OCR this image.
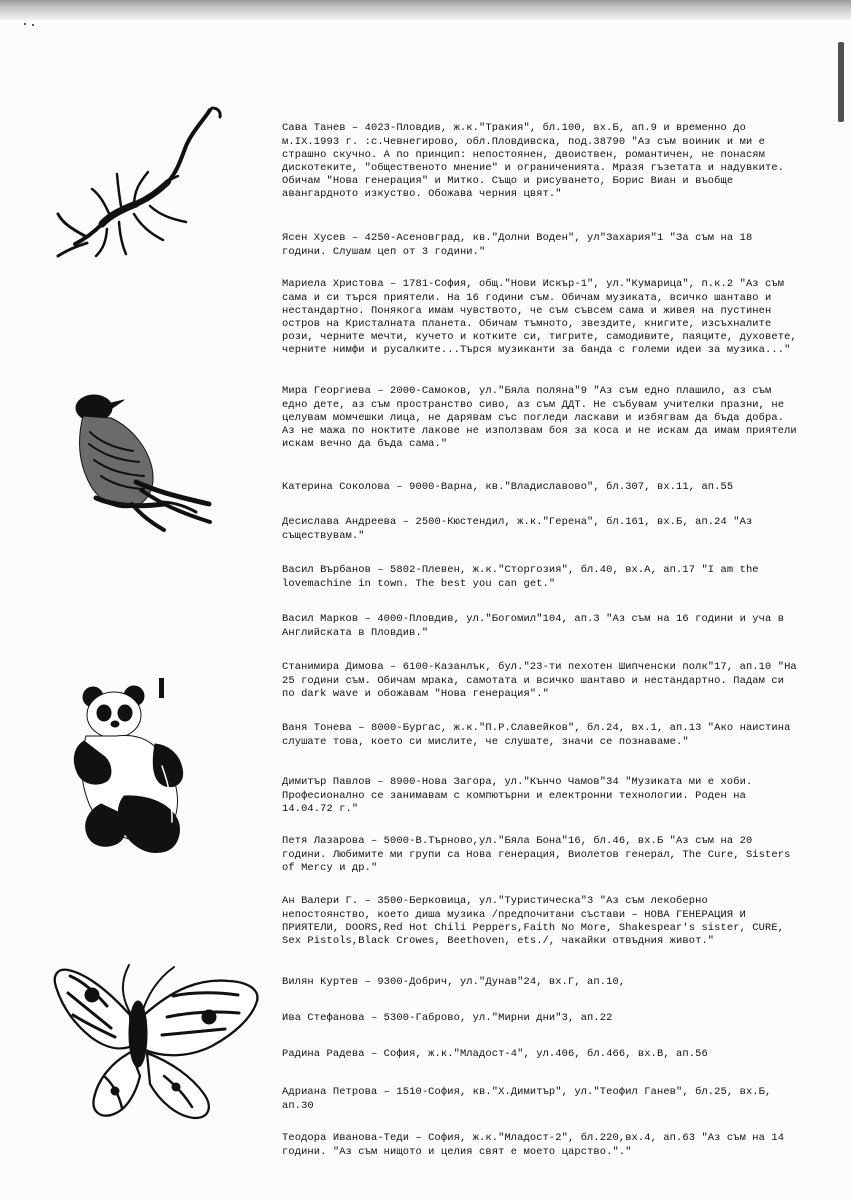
Сава Танев – 4023-Пловдив, ж.к."Тракия", бл.100, вх.Б, ап.9 и временно до м.IX.1993 г. :с.Чевнегирово, обл.Пловдивска, под.38790 "Аз съм воиник и ми е страшно скучно. А по принцип: непостоянен, двоиствен, романтичен, не понасям дискотеките, "общественото мнение" и ограниченията. Мразя гъзетата и надувките. Обичам "Нова генерация" и Митко. Също и рисуването, Борис Виан и въобще авангардното изкуство. Обожава черния цвят."

Ясен Хусев – 4250-Асеновград, кв."Долни Воден", ул"Захария"1 "За съм на 18 години. Слушам цеп от 3 години."

Мариела Христова – 1781-София, общ."Нови Искър-1", ул."Кумарица", п.к.2 "Аз съм сама и си търся приятели. На 16 години съм. Обичам музиката, всичко шантаво и нестандартно. Понякога имам чувството, че съм съвсем сама и живея на пустинен остров на Кристалната планета. Обичам тъмното, звездите, книгите, изсъхналите рози, черните мечти, кучето и котките си, тигрите, самодивите, паяците, духовете, черните нимфи и русалките...Търся музиканти за банда с големи идеи за музика..."

Мира Георгиева – 2000-Самоков, ул."Бяла поляна"9 "Аз съм едно плашило, аз съм едно дете, аз съм пространство сиво, аз съм ДДТ. Не събувам учителки празни, не целувам момчешки лица, не дарявам със погледи ласкави и избягвам да бъда добра. Аз не мажа по ноктите лакове не използвам боя за коса и не искам да имам приятели искам вечно да бъда сама."

Катерина Соколова – 9000-Варна, кв."Владиславово", бл.307, вх.11, ап.55

Десислава Андреева – 2500-Кюстендил, ж.к."Герена", бл.161, вх.Б, ап.24 "Аз съществувам."

Васил Върбанов – 5802-Плевен, ж.к."Сторгозия", бл.40, вх.А, ап.17 "I am the lovemachine in town. The best you can get."

Васил Марков – 4000-Пловдив, ул."Богомил"104, ап.3 "Аз съм на 16 години и уча в Английската в Пловдив."

Станимира Димова – 6100-Казанлък, бул."23-ти пехотен Шипченски полк"17, ап.10 "На 25 години съм. Обичам мрака, самотата и всичко шантаво и нестандартно. Падам си по dark wave и обожавам "Нова генерация"."

Ваня Тонева – 8000-Бургас, ж.к."П.Р.Славейков", бл.24, вх.1, ап.13 "Ако наистина слушате това, което си мислите, че слушате, значи се познаваме."

Димитър Павлов – 8900-Нова Загора, ул."Кънчо Чамов"34 "Музиката ми е хоби. Професионално се занимавам с компютърни и електронни технологии. Роден на 14.04.72 г."

Петя Лазарова – 5000-В.Търново,ул."Бяла Бона"16, бл.46, вх.Б "Аз съм на 20 години. Любимите ми групи са Нова генерация, Виолетов генерал, The Cure, Sisters of Mercy и др."

Ан Валери Г. – 3500-Берковица, ул."Туристическа"3 "Аз съм лекоберно непостоянство, което диша музика /предпочитани състави – НОВА ГЕНЕРАЦИЯ И ПРИЯТЕЛИ, DOORS,Red Hot Chili Peppers,Faith No More, Shakespear's sister, CURE, Sex Pistols,Black Crowes, Beethoven, ets./, чакайки отвъдния живот."

Вилян Куртев – 9300-Добрич, ул."Дунав"24, вх.Г, ап.10,

Ива Стефанова – 5300-Габрово, ул."Мирни дни"3, ап.22

Радина Радева – София, ж.к."Младост-4", ул.406, бл.466, вх.В, ап.56

Адриана Петрова – 1510-София, кв."Х.Димитър", ул."Теофил Ганев", бл.25, вх.Б, ап.30

Теодора Иванова-Теди – София, ж.к."Младост-2", бл.220,вх.4, ап.63 "Аз съм на 14 години. "Аз съм нищото и целия свят е моето царство."."
